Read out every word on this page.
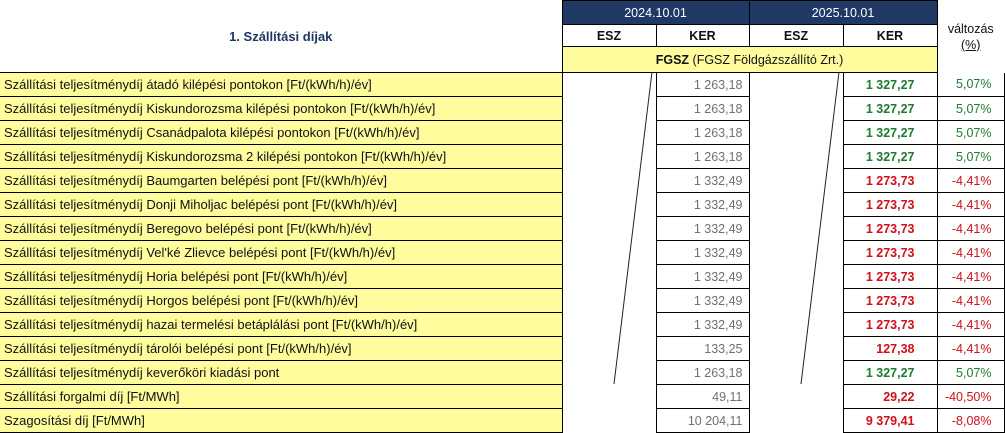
1. Szállítási díjak	2024.10.01		2025.10.01		változás
(%)

	ESZ	KER	ESZ	KER	
	FGSZ (FGSZ Földgázszállító Zrt.)				
Szállítási teljesítménydíj átadó kilépési pontokon [Ft/(kWh/h)/év]		1 263,18		1 327,27	5,07%
Szállítási teljesítménydíj Kiskundorozsma kilépési pontokon [Ft/(kWh/h)/év]		1 263,18		1 327,27	5,07%
Szállítási teljesítménydíj Csanádpalota kilépési pontokon [Ft/(kWh/h)/év]		1 263,18		1 327,27	5,07%
Szállítási teljesítménydíj Kiskundorozsma 2 kilépési pontokon [Ft/(kWh/h)/év]		1 263,18		1 327,27	5,07%
Szállítási teljesítménydíj Baumgarten belépési pont [Ft/(kWh/h)/év]		1 332,49		1 273,73	-4,41%
Szállítási teljesítménydíj Donji Miholjac belépési pont [Ft/(kWh/h)/év]		1 332,49		1 273,73	-4,41%
Szállítási teljesítménydíj Beregovo belépési pont [Ft/(kWh/h)/év]		1 332,49		1 273,73	-4,41%
Szállítási teljesítménydíj Vel'ké Zlievce belépési pont [Ft/(kWh/h)/év]		1 332,49		1 273,73	-4,41%
Szállítási teljesítménydíj Horia belépési pont [Ft/(kWh/h)/év]		1 332,49		1 273,73	-4,41%
Szállítási teljesítménydíj Horgos belépési pont [Ft/(kWh/h)/év]		1 332,49		1 273,73	-4,41%
Szállítási teljesítménydíj hazai termelési betáplálási pont [Ft/(kWh/h)/év]		1 332,49		1 273,73	-4,41%
Szállítási teljesítménydíj tárolói belépési pont [Ft/(kWh/h)/év]		133,25		127,38	-4,41%
Szállítási teljesítménydíj keverőköri kiadási pont		1 263,18		1 327,27	5,07%
Szállítási forgalmi díj [Ft/MWh]		49,11		29,22	-40,50%
Szagosítási díj [Ft/MWh]		10 204,11		9 379,41	-8,08%
